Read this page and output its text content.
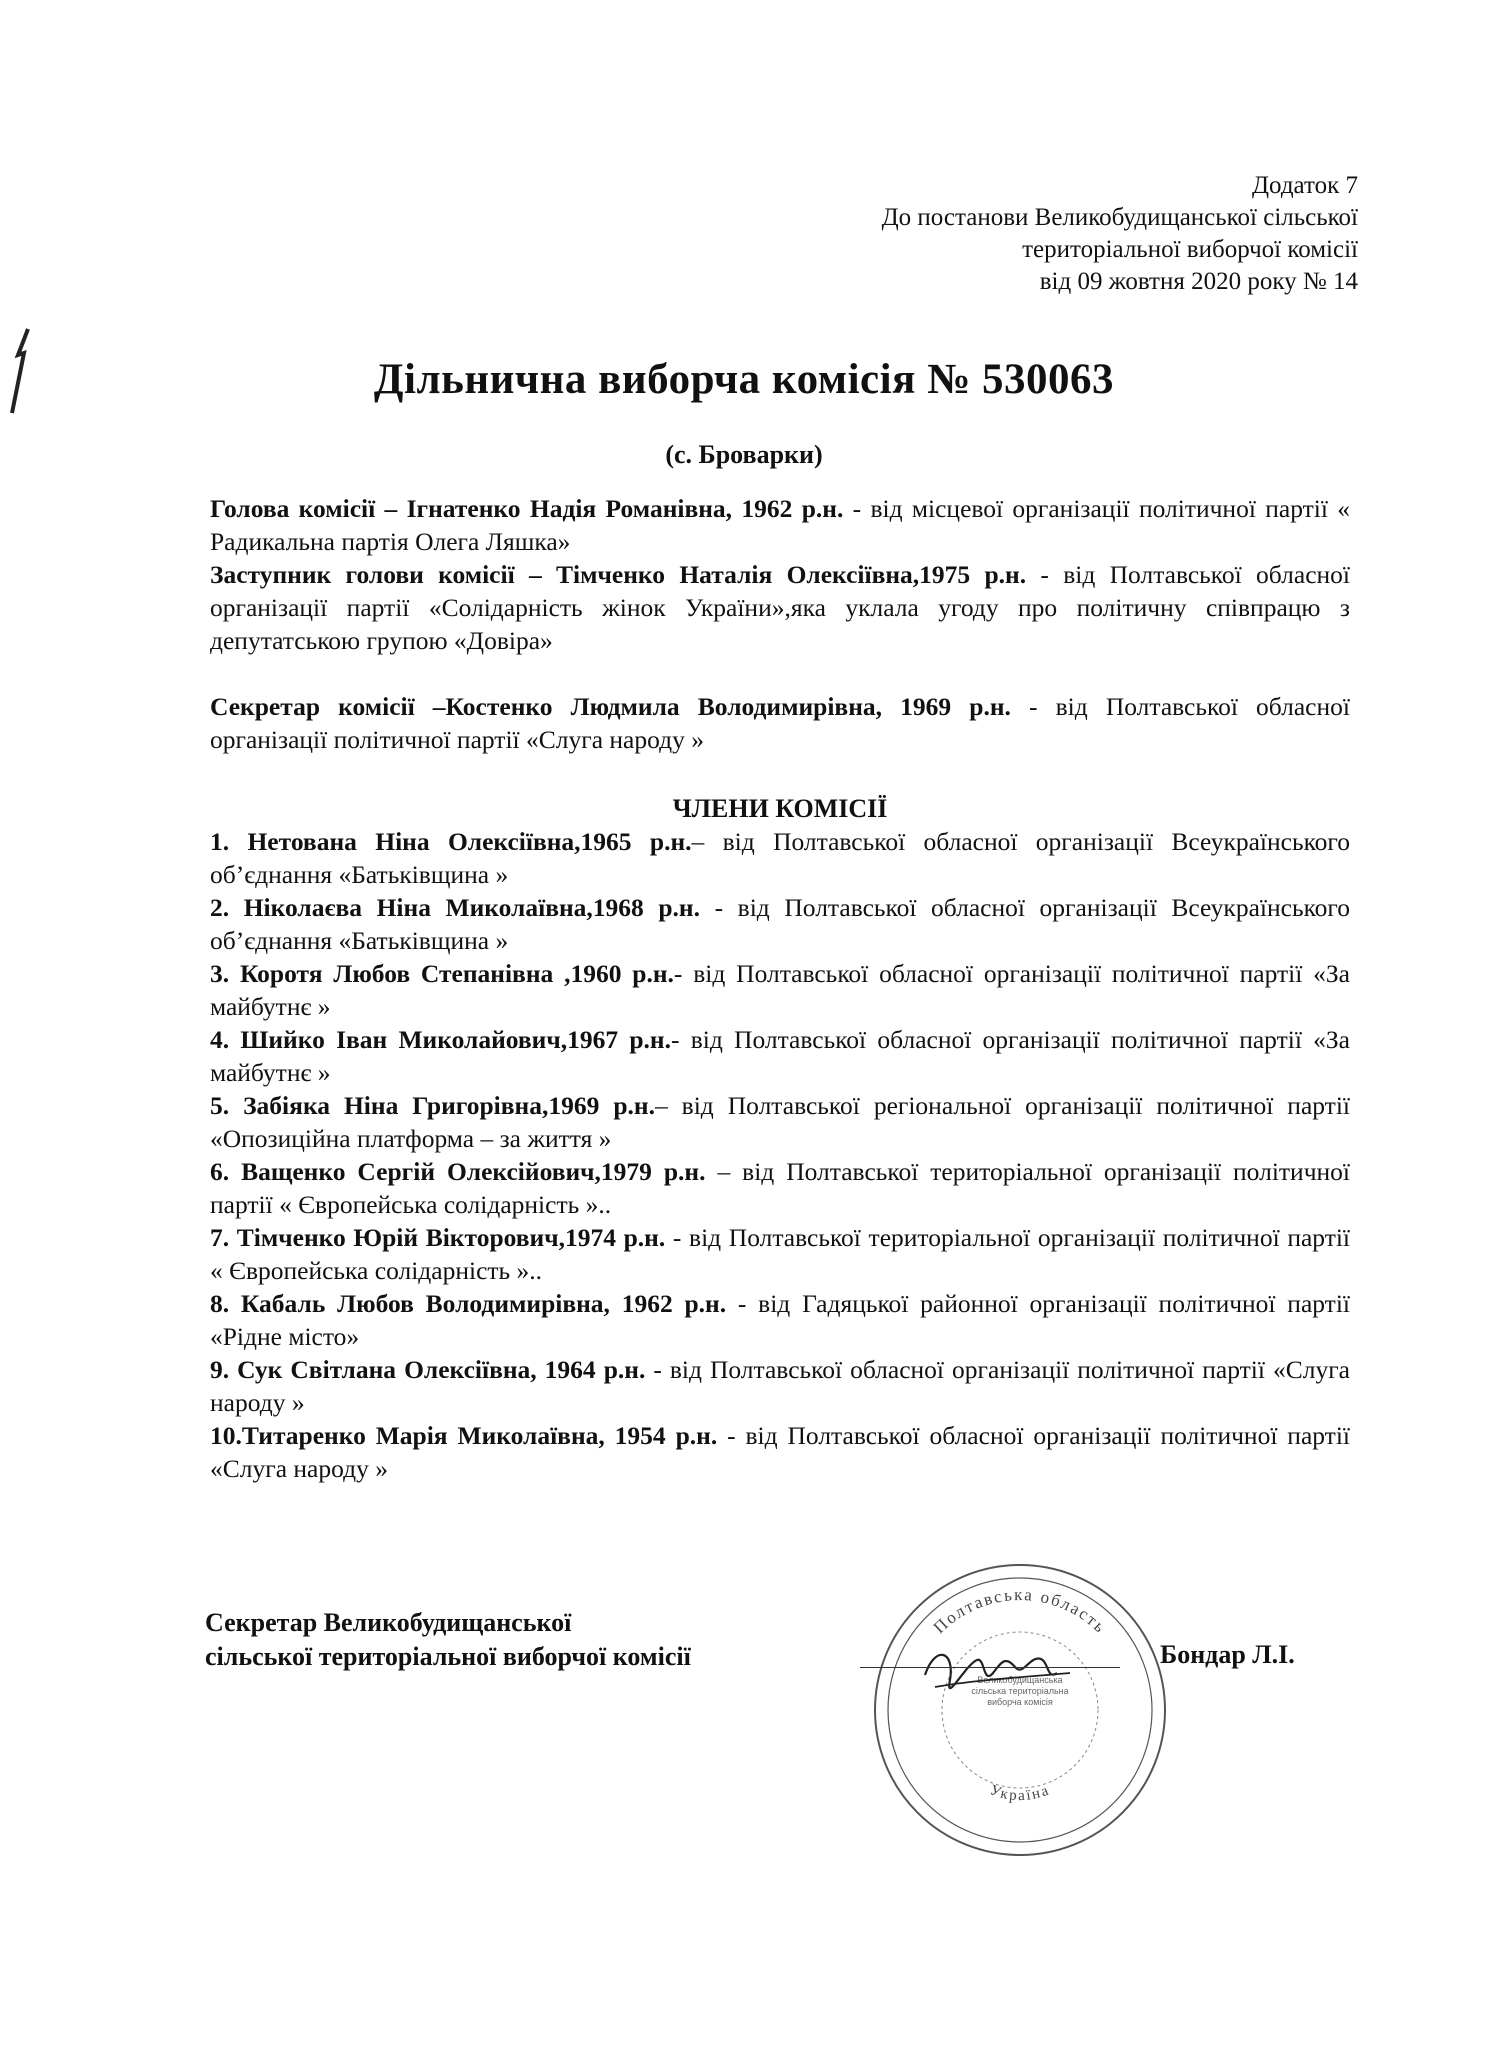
Додаток 7
До постанови Великобудищанської сільської
територіальної виборчої комісії
від 09 жовтня 2020 року № 14
Дільнична виборча комісія № 530063
(с. Броварки)

Голова комісії – Ігнатенко Надія Романівна, 1962 р.н. - від місцевої організації політичної партії « Радикальна партія Олега Ляшка»

Заступник голови комісії – Тімченко Наталія Олексіївна,1975 р.н. - від Полтавської обласної організації партії «Солідарність жінок України»,яка уклала угоду про політичну співпрацю з депутатською групою «Довіра»

Секретар комісії –Костенко Людмила Володимирівна, 1969 р.н. - від Полтавської обласної організації політичної партії «Слуга народу »

ЧЛЕНИ КОМІСІЇ

1. Нетована Ніна Олексіївна,1965 р.н.– від Полтавської обласної організації Всеукраїнського об’єднання «Батьківщина »

2. Ніколаєва Ніна Миколаївна,1968 р.н. - від Полтавської обласної організації Всеукраїнського об’єднання «Батьківщина »

3. Коротя Любов Степанівна ,1960 р.н.- від Полтавської обласної організації політичної партії «За майбутнє »

4. Шийко Іван Миколайович,1967 р.н.- від Полтавської обласної організації політичної партії «За майбутнє »

5. Забіяка Ніна Григорівна,1969 р.н.– від Полтавської регіональної організації політичної партії «Опозиційна платформа – за життя »

6. Ващенко Сергій Олексійович,1979 р.н. – від Полтавської територіальної організації політичної партії « Європейська солідарність »..

7. Тімченко Юрій Вікторович,1974 р.н. - від Полтавської територіальної організації політичної партії « Європейська солідарність »..

8. Кабаль Любов Володимирівна, 1962 р.н. - від Гадяцької районної організації політичної партії «Рідне місто»

9. Сук Світлана Олексіївна, 1964 р.н. - від Полтавської обласної організації політичної партії «Слуга народу »

10.Титаренко Марія Миколаївна, 1954 р.н. - від Полтавської обласної організації політичної партії «Слуга народу »

Секретар Великобудищанської
сільської територіальної виборчої комісії
Полтавська область
Україна
Великобудищанська сільська територіальна виборча комісія
Бондар Л.І.
